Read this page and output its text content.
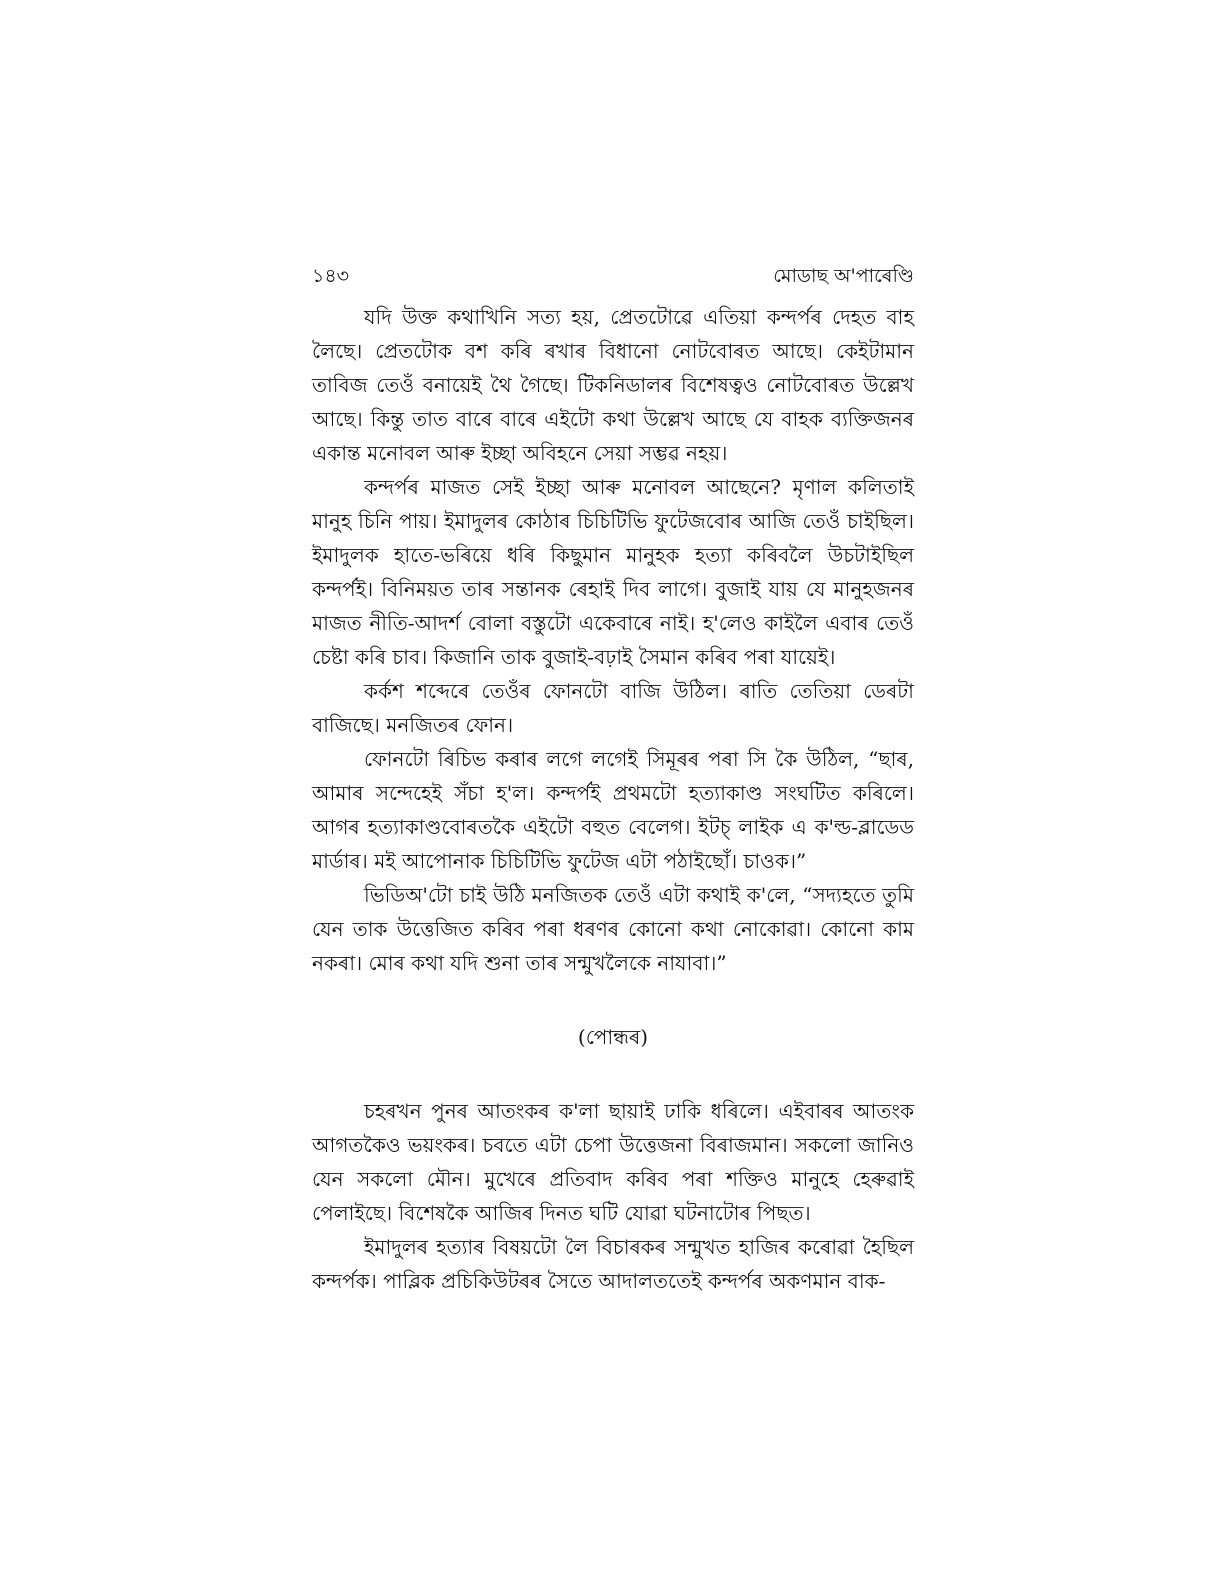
১৪৩	মোডাছ অ'পাৰেণ্ডি

যদি উক্ত কথাখিনি সত্য হয়, প্ৰেতটোৱে এতিয়া কন্দৰ্পৰ দেহত বাহ লৈছে। প্ৰেতটোক বশ কৰি ৰখাৰ বিধানো নোটবোৰত আছে। কেইটামান তাবিজ তেওঁ বনায়েই থৈ গৈছে। টিকনিডালৰ বিশেষত্বও নোটবোৰত উল্লেখ আছে। কিন্তু তাত বাৰে বাৰে এইটো কথা উল্লেখ আছে যে বাহক ব্যক্তিজনৰ একান্ত মনোবল আৰু ইচ্ছা অবিহনে সেয়া সম্ভৱ নহয়।

কন্দৰ্পৰ মাজত সেই ইচ্ছা আৰু মনোবল আছেনে? মৃণাল কলিতাই মানুহ চিনি পায়। ইমাদুলৰ কোঠাৰ চিচিটিভি ফুটেজবোৰ আজি তেওঁ চাইছিল। ইমাদুলক হাতে-ভৰিয়ে ধৰি কিছুমান মানুহক হত্যা কৰিবলৈ উচটাইছিল কন্দৰ্পই। বিনিময়ত তাৰ সন্তানক ৰেহাই দিব লাগে। বুজাই যায় যে মানুহজনৰ মাজত নীতি-আদৰ্শ বোলা বস্তুটো একেবাৰে নাই। হ'লেও কাইলৈ এবাৰ তেওঁ চেষ্টা কৰি চাব। কিজানি তাক বুজাই-বঢ়াই সৈমান কৰিব পৰা যায়েই।

কৰ্কশ শব্দেৰে তেওঁৰ ফোনটো বাজি উঠিল। ৰাতি তেতিয়া ডেৰটা বাজিছে। মনজিতৰ ফোন।

ফোনটো ৰিচিভ কৰাৰ লগে লগেই সিমূৰৰ পৰা সি কৈ উঠিল, “ছাৰ, আমাৰ সন্দেহেই সঁচা হ'ল। কন্দৰ্পই প্ৰথমটো হত্যাকাণ্ড সংঘটিত কৰিলে। আগৰ হত্যাকাণ্ডবোৰতকৈ এইটো বহুত বেলেগ। ইটচ্ লাইক এ ক'ল্ড-ব্লাডেড মাৰ্ডাৰ। মই আপোনাক চিচিটিভি ফুটেজ এটা পঠাইছোঁ। চাওক।”

ভিডিঅ'টো চাই উঠি মনজিতক তেওঁ এটা কথাই ক'লে, “সদ্যহতে তুমি যেন তাক উত্তেজিত কৰিব পৰা ধৰণৰ কোনো কথা নোকোৱা। কোনো কাম নকৰা। মোৰ কথা যদি শুনা তাৰ সন্মুখলৈকে নাযাবা।”

(পোন্ধৰ)

চহৰখন পুনৰ আতংকৰ ক'লা ছায়াই ঢাকি ধৰিলে। এইবাৰৰ আতংক আগতকৈও ভয়ংকৰ। চবতে এটা চেপা উত্তেজনা বিৰাজমান। সকলো জানিও যেন সকলো মৌন। মুখেৰে প্ৰতিবাদ কৰিব পৰা শক্তিও মানুহে হেৰুৱাই পেলাইছে। বিশেষকৈ আজিৰ দিনত ঘটি যোৱা ঘটনাটোৰ পিছত।

ইমাদুলৰ হত্যাৰ বিষয়টো লৈ বিচাৰকৰ সন্মুখত হাজিৰ কৰোৱা হৈছিল কন্দৰ্পক। পাব্লিক প্ৰচিকিউটৰৰ সৈতে আদালততেই কন্দৰ্পৰ অকণমান বাক-
